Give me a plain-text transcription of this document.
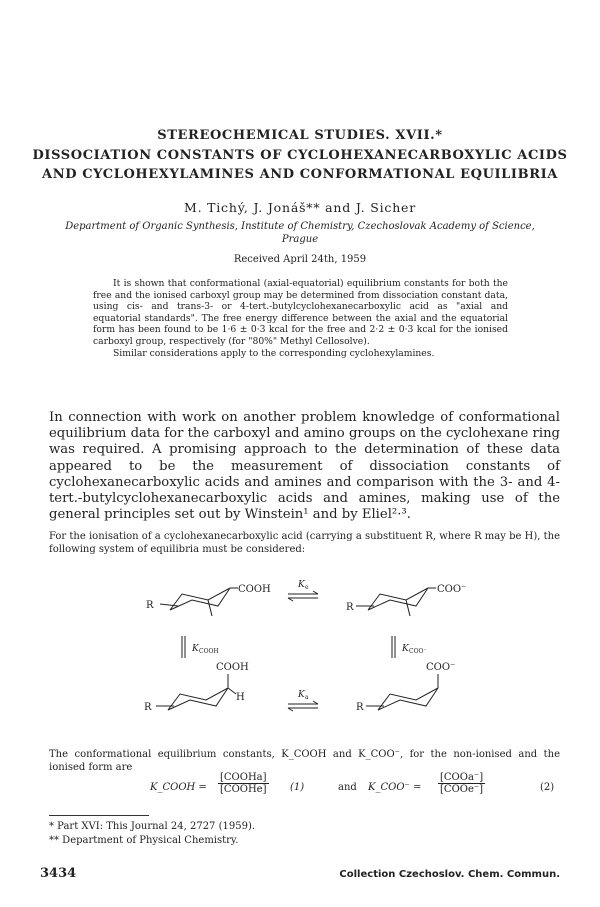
STEREOCHEMICAL STUDIES. XVII.*
DISSOCIATION CONSTANTS OF CYCLOHEXANECARBOXYLIC ACIDS
AND CYCLOHEXYLAMINES AND CONFORMATIONAL EQUILIBRIA
M. Tichý, J. Jonáš** and J. Sicher
Department of Organic Synthesis, Institute of Chemistry, Czechoslovak Academy of Science,
Prague
Received April 24th, 1959

It is shown that conformational (axial-equatorial) equilibrium constants for both the free and the ionised carboxyl group may be determined from dissociation constant data, using cis- and trans-3- or 4-tert.-butylcyclohexanecarboxylic acid as "axial and equatorial standards". The free energy difference between the axial and the equatorial form has been found to be 1·6 ± 0·3 kcal for the free and 2·2 ± 0·3 kcal for the ionised carboxyl group, respectively (for "80%" Methyl Cellosolve).

Similar considerations apply to the corresponding cyclohexylamines.

In connection with work on another problem knowledge of conformational equilibrium data for the carboxyl and amino groups on the cyclohexane ring was required. A promising approach to the determination of these data appeared to be the measurement of dissociation constants of cyclohexanecarboxylic acids and amines and comparison with the 3- and 4-tert.-butylcyclohexanecarboxylic acids and amines, making use of the general principles set out by Winstein¹ and by Eliel²·³.
For the ionisation of a cyclohexanecarboxylic acid (carrying a substituent R, where R may be H), the following system of equilibria must be considered:
R
COOH	K e
R
COO⁻
K COOH	K COO⁻
R
COOH
H	K a
R
COO⁻
The conformational equilibrium constants, K_COOH and K_COO⁻, for the non-ionised and the ionised form are
K_COOH =
[COOHa]
[COOHe] (1)	and K_COO⁻ =
[COOa⁻]
[COOe⁻]	(2)
* Part XVI: This Journal 24, 2727 (1959).
** Department of Physical Chemistry.
3434	Collection Czechoslov. Chem. Commun.
